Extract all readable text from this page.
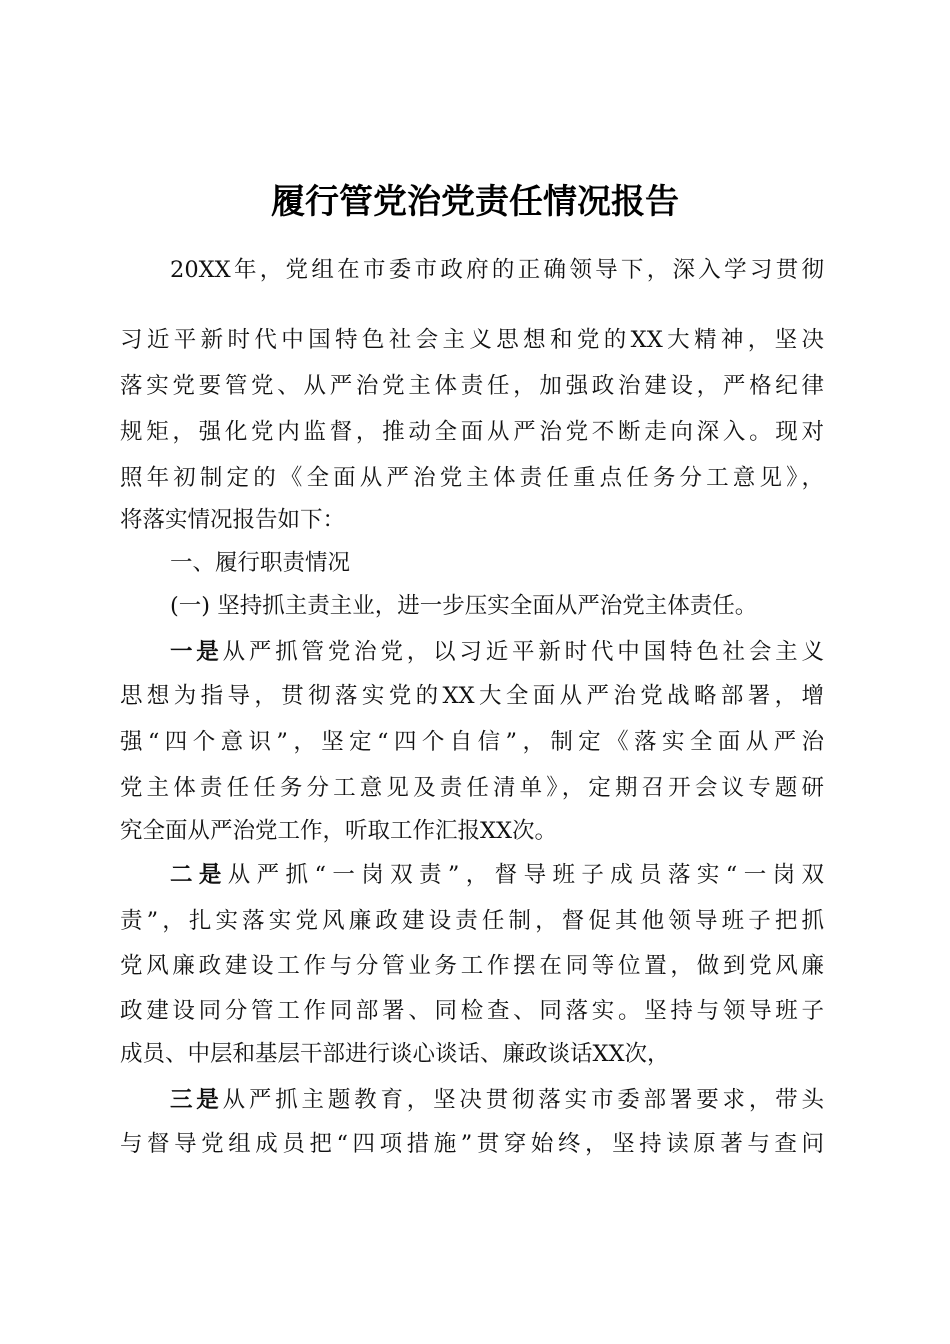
履行管党治党责任情况报告
20XX年，党组在市委市政府的正确领导下，深入学习贯彻
习近平新时代中国特色社会主义思想和党的XX大精神，坚决
落实党要管党、从严治党主体责任，加强政治建设，严格纪律
规矩，强化党内监督，推动全面从严治党不断走向深入。现对
照年初制定的《全面从严治党主体责任重点任务分工意见》，
将落实情况报告如下：
一、履行职责情况
(一) 坚持抓主责主业，进一步压实全面从严治党主体责任。
一是从严抓管党治党，以习近平新时代中国特色社会主义
思想为指导，贯彻落实党的XX大全面从严治党战略部署，增
强“四个意识”，坚定“四个自信”，制定《落实全面从严治
党主体责任任务分工意见及责任清单》，定期召开会议专题研
究全面从严治党工作，听取工作汇报XX次。
二是从严抓“一岗双责”，督导班子成员落实“一岗双
责”，扎实落实党风廉政建设责任制，督促其他领导班子把抓
党风廉政建设工作与分管业务工作摆在同等位置，做到党风廉
政建设同分管工作同部署、同检查、同落实。坚持与领导班子
成员、中层和基层干部进行谈心谈话、廉政谈话XX次，
三是从严抓主题教育，坚决贯彻落实市委部署要求，带头
与督导党组成员把“四项措施”贯穿始终，坚持读原著与查问
